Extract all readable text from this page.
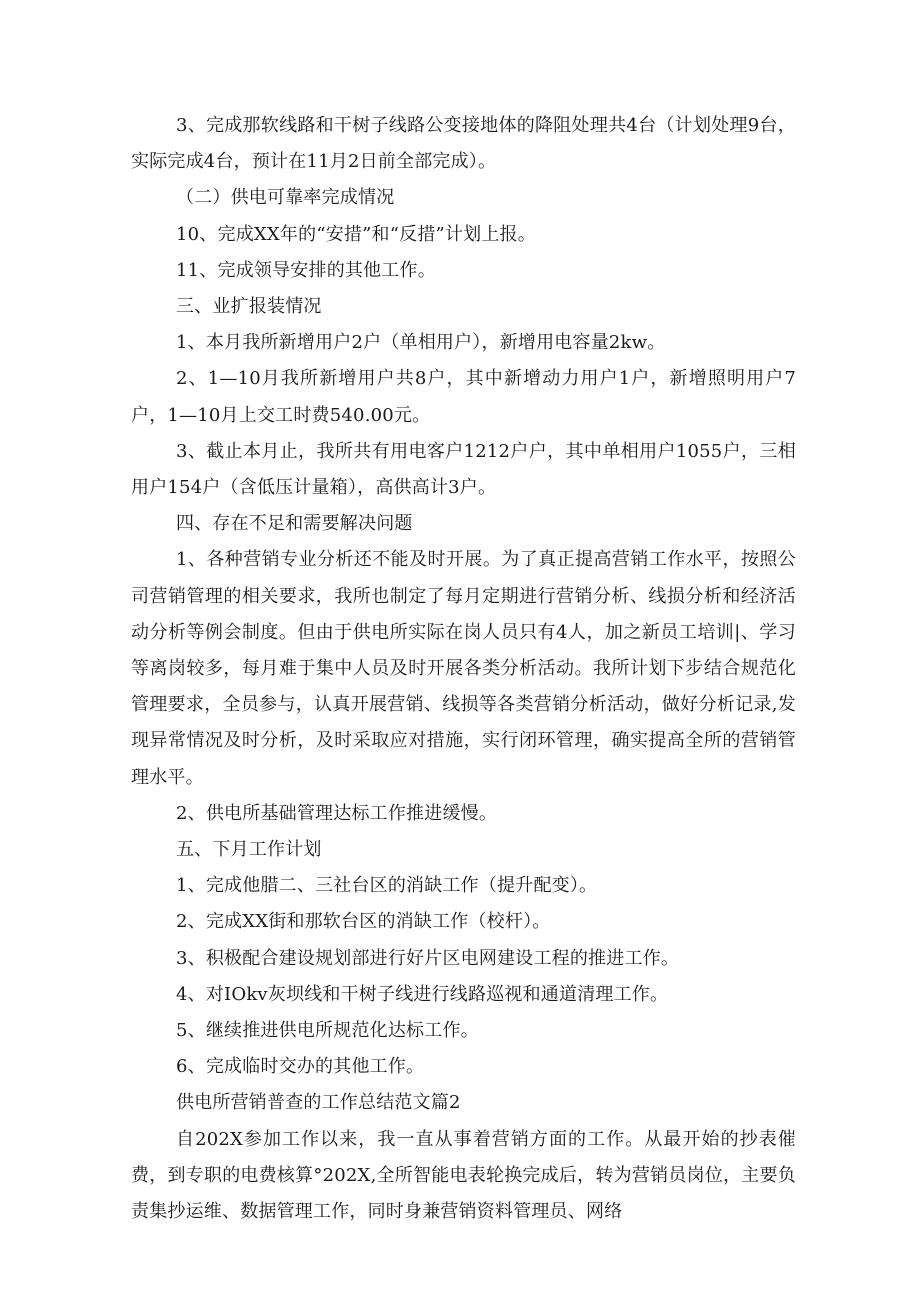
3、完成那软线路和干树子线路公变接地体的降阻处理共4台（计划处理9台，实际完成4台，预计在11月2日前全部完成）。

（二）供电可靠率完成情况

10、完成XX年的“安措”和“反措”计划上报。

11、完成领导安排的其他工作。

三、业扩报装情况

1、本月我所新增用户2户（单相用户），新增用电容量2kw。

2、1—10月我所新增用户共8户，其中新增动力用户1户，新增照明用户7户，1—10月上交工时费540.00元。

3、截止本月止，我所共有用电客户1212户户，其中单相用户1055户，三相用户154户（含低压计量箱），高供高计3户。

四、存在不足和需要解决问题

1、各种营销专业分析还不能及时开展。为了真正提高营销工作水平，按照公司营销管理的相关要求，我所也制定了每月定期进行营销分析、线损分析和经济活动分析等例会制度。但由于供电所实际在岗人员只有4人，加之新员工培训|、学习等离岗较多，每月难于集中人员及时开展各类分析活动。我所计划下步结合规范化管理要求，全员参与，认真开展营销、线损等各类营销分析活动，做好分析记录,发现异常情况及时分析，及时采取应对措施，实行闭环管理，确实提高全所的营销管理水平。

2、供电所基础管理达标工作推进缓慢。

五、下月工作计划

1、完成他腊二、三社台区的消缺工作（提升配变）。

2、完成XX街和那软台区的消缺工作（校杆）。

3、积极配合建设规划部进行好片区电网建设工程的推进工作。

4、对IOkv灰坝线和干树子线进行线路巡视和通道清理工作。

5、继续推进供电所规范化达标工作。

6、完成临时交办的其他工作。

供电所营销普查的工作总结范文篇2

自202X参加工作以来，我一直从事着营销方面的工作。从最开始的抄表催费，到专职的电费核算°202X,全所智能电表轮换完成后，转为营销员岗位，主要负责集抄运维、数据管理工作，同时身兼营销资料管理员、网络
